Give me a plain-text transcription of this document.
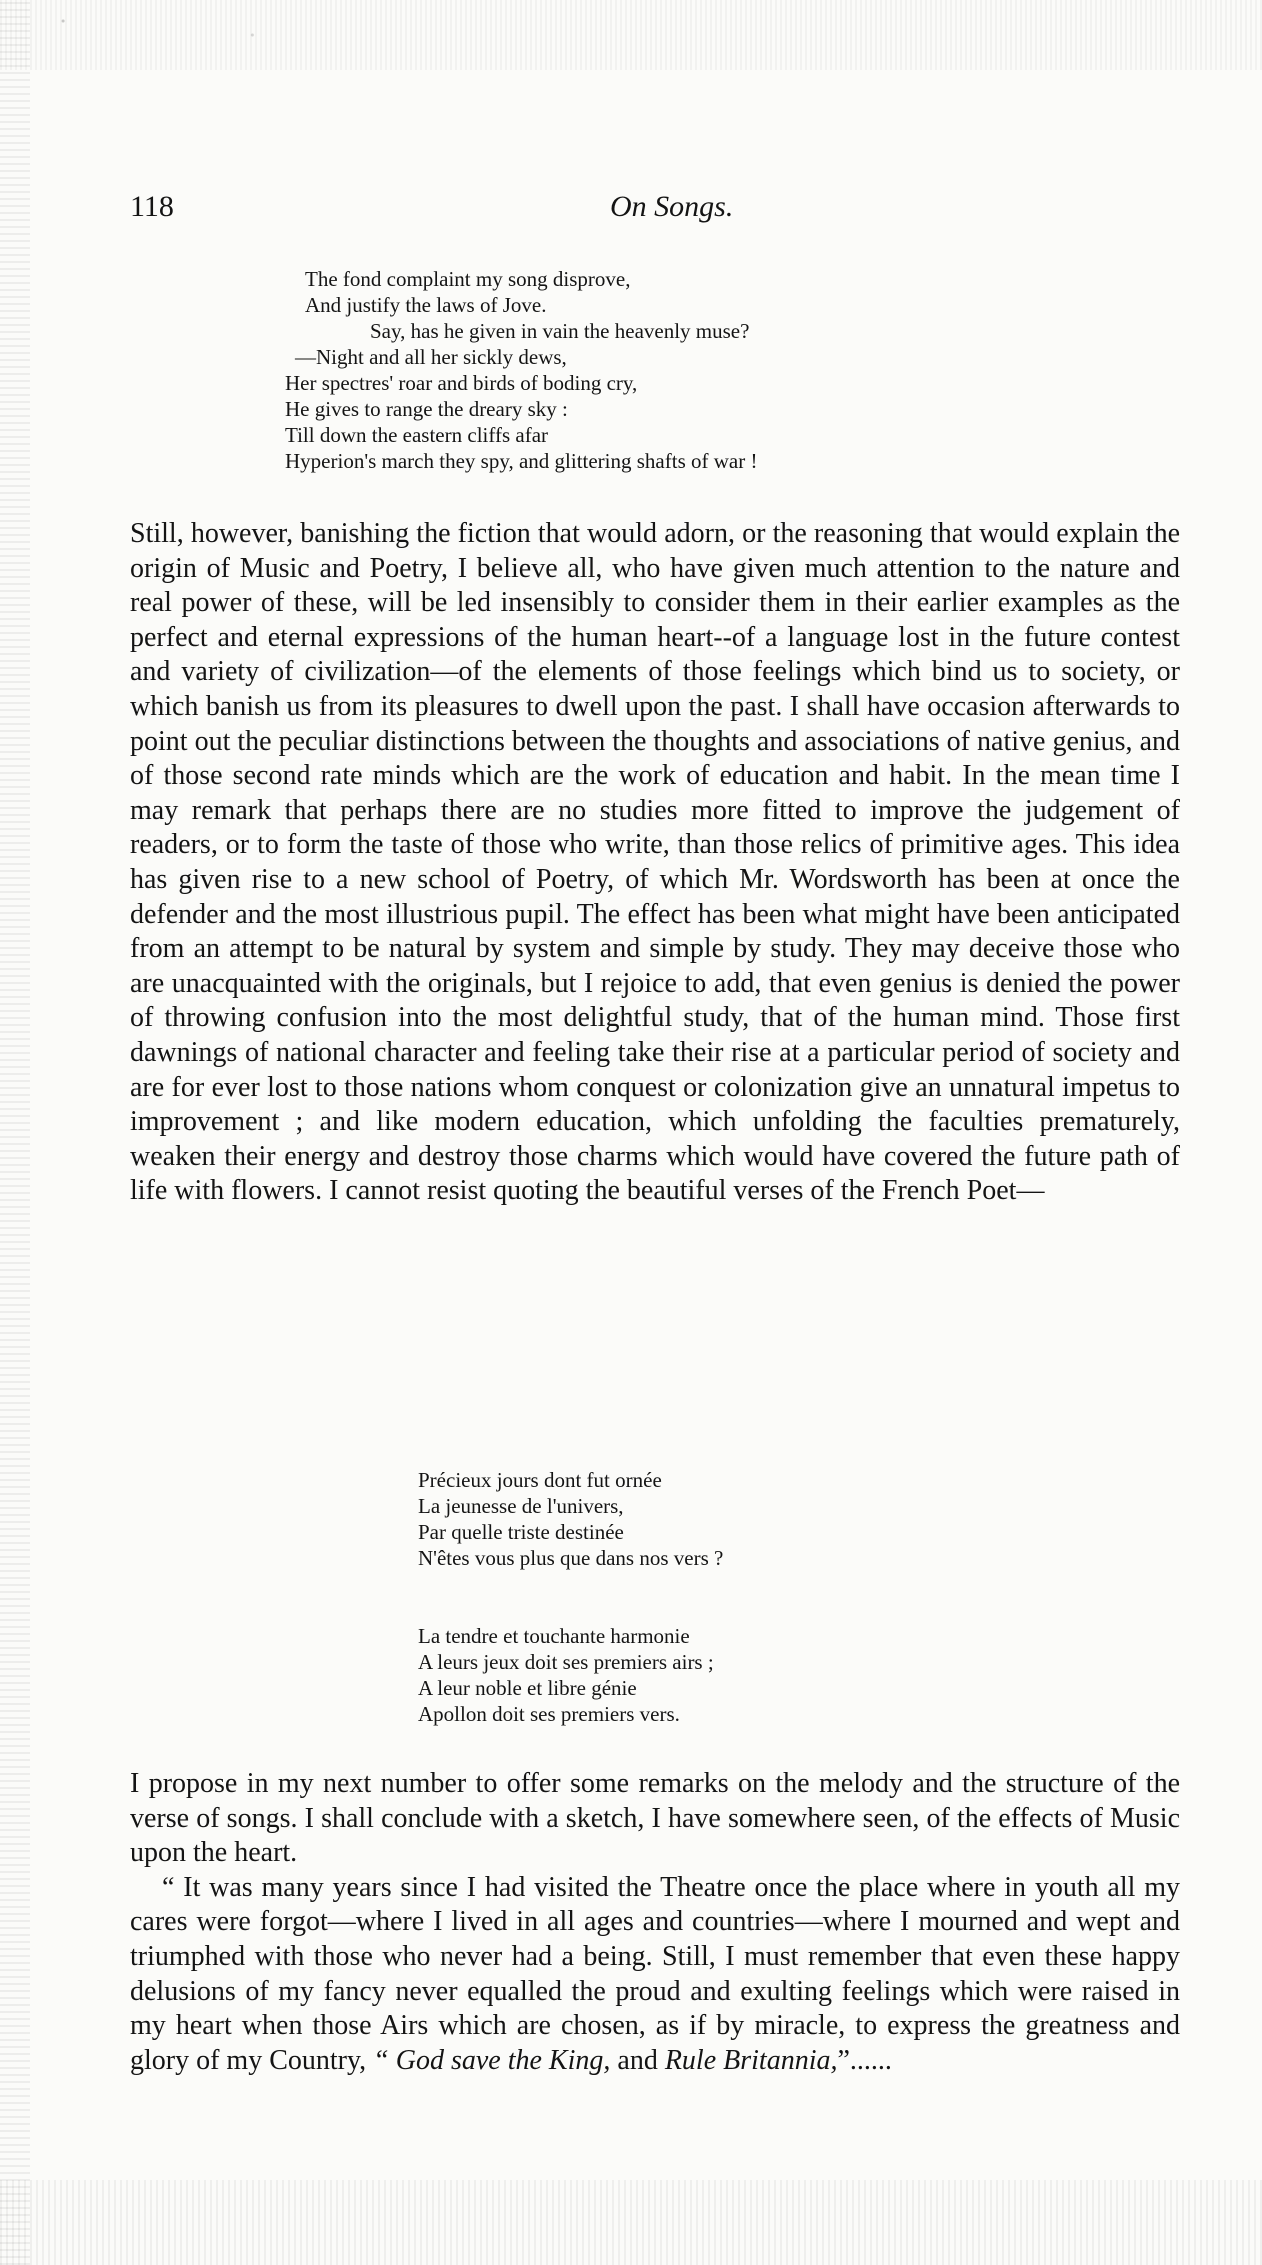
118	On Songs.
The fond complaint my song disprove,
And justify the laws of Jove.
Say, has he given in vain the heavenly muse?
—Night and all her sickly dews,
Her spectres' roar and birds of boding cry,
He gives to range the dreary sky :
Till down the eastern cliffs afar
Hyperion's march they spy, and glittering shafts of war !

Still, however, banishing the fiction that would adorn, or the reasoning that would explain the origin of Music and Poetry, I believe all, who have given much attention to the nature and real power of these, will be led insensibly to consider them in their earlier examples as the perfect and eternal expressions of the human heart--of a language lost in the future contest and variety of civilization—of the elements of those feelings which bind us to society, or which banish us from its pleasures to dwell upon the past. I shall have occasion afterwards to point out the peculiar distinctions between the thoughts and associations of native genius, and of those second rate minds which are the work of education and habit. In the mean time I may remark that perhaps there are no studies more fitted to improve the judgement of readers, or to form the taste of those who write, than those relics of primitive ages. This idea has given rise to a new school of Poetry, of which Mr. Wordsworth has been at once the defender and the most illustrious pupil. The effect has been what might have been anticipated from an attempt to be natural by system and simple by study. They may deceive those who are unacquainted with the originals, but I rejoice to add, that even genius is denied the power of throwing confusion into the most delightful study, that of the human mind. Those first dawnings of national character and feeling take their rise at a particular period of society and are for ever lost to those nations whom conquest or colonization give an unnatural impetus to improvement ; and like modern education, which unfolding the faculties prematurely, weaken their energy and destroy those charms which would have covered the future path of life with flowers. I cannot resist quoting the beautiful verses of the French Poet—

Précieux jours dont fut ornée
La jeunesse de l'univers,
Par quelle triste destinée
N'êtes vous plus que dans nos vers ?
La tendre et touchante harmonie
A leurs jeux doit ses premiers airs ;
A leur noble et libre génie
Apollon doit ses premiers vers.

I propose in my next number to offer some remarks on the melody and the structure of the verse of songs. I shall conclude with a sketch, I have somewhere seen, of the effects of Music upon the heart.

“ It was many years since I had visited the Theatre once the place where in youth all my cares were forgot—where I lived in all ages and countries—where I mourned and wept and triumphed with those who never had a being. Still, I must remember that even these happy delusions of my fancy never equalled the proud and exulting feelings which were raised in my heart when those Airs which are chosen, as if by miracle, to express the greatness and glory of my Country, “ God save the King, and Rule Britannia,”......
